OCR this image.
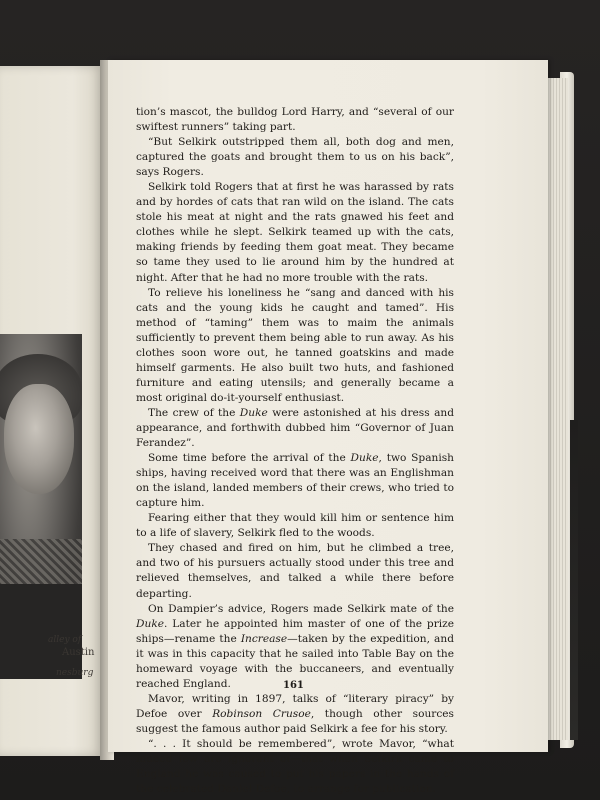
alley of
Austin
nesburg

tion’s mascot, the bulldog Lord Harry, and “several of our swiftest runners” taking part.

“But Selkirk outstripped them all, both dog and men, captured the goats and brought them to us on his back”, says Rogers.

Selkirk told Rogers that at first he was harassed by rats and by hordes of cats that ran wild on the island. The cats stole his meat at night and the rats gnawed his feet and clothes while he slept. Selkirk teamed up with the cats, making friends by feeding them goat meat. They became so tame they used to lie around him by the hundred at night. After that he had no more trouble with the rats.

To relieve his loneliness he “sang and danced with his cats and the young kids he caught and tamed”. His method of “taming” them was to maim the animals sufficiently to prevent them being able to run away. As his clothes soon wore out, he tanned goatskins and made himself garments. He also built two huts, and fashioned furniture and eating utensils; and generally became a most original do-it-yourself enthusiast.

The crew of the Duke were astonished at his dress and appearance, and forthwith dubbed him “Governor of Juan Ferandez”.

Some time before the arrival of the Duke, two Spanish ships, having received word that there was an Englishman on the island, landed members of their crews, who tried to capture him.

Fearing either that they would kill him or sentence him to a life of slavery, Selkirk fled to the woods.

They chased and fired on him, but he climbed a tree, and two of his pursuers actually stood under this tree and relieved themselves, and talked a while there before departing.

On Dampier’s advice, Rogers made Selkirk mate of the Duke. Later he appointed him master of one of the prize ships—rename the Increase—taken by the expedition, and it was in this capacity that he sailed into Table Bay on the homeward voyage with the buccaneers, and eventually reached England.

Mavor, writing in 1897, talks of “literary piracy” by Defoe over Robinson Crusoe, though other sources suggest the famous author paid Selkirk a fee for his story.

“. . . It should be remembered”, wrote Mavor, “what indeed few are ignorant of—that when Selkirk came to England he was caused to put his papers in the hands of the celebrated Daniel Defoe, to arrange for publication.

161
